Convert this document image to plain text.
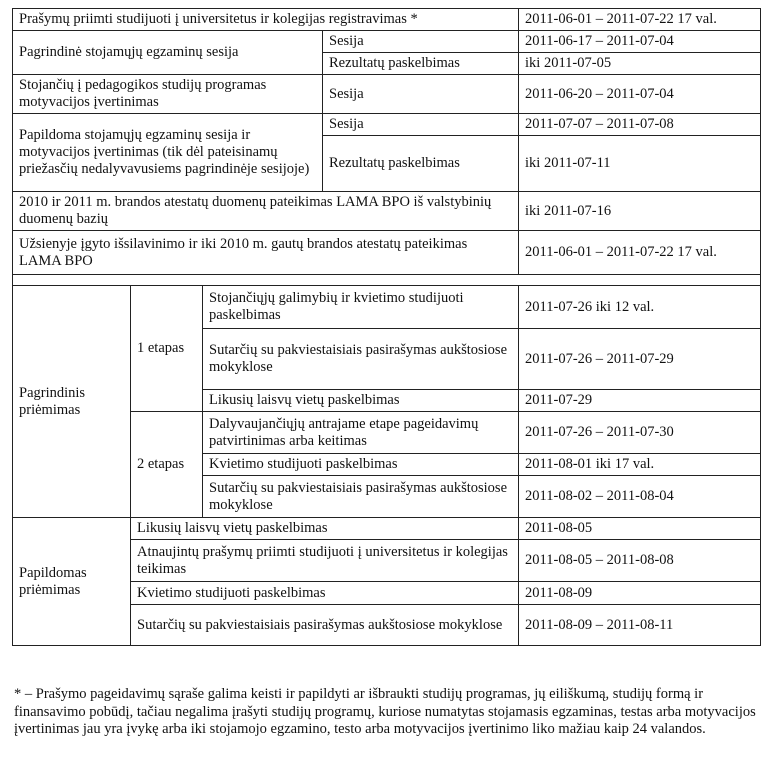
Prašymų priimti studijuoti į universitetus ir kolegijas registravimas *				2011-06-01 – 2011-07-22 17 val.
Pagrindinė stojamųjų egzaminų sesija			Sesija	2011-06-17 – 2011-07-04
			Rezultatų paskelbimas	iki 2011-07-05
Stojančių į pedagogikos studijų programas motyvacijos įvertinimas			Sesija	2011-06-20 – 2011-07-04
Papildoma stojamųjų egzaminų sesija ir motyvacijos įvertinimas (tik dėl pateisinamų priežasčių nedalyvavusiems pagrindinėje sesijoje)			Sesija	2011-07-07 – 2011-07-08
			Rezultatų paskelbimas	iki 2011-07-11
2010 ir 2011 m. brandos atestatų duomenų pateikimas LAMA BPO iš valstybinių duomenų bazių				iki 2011-07-16
Užsienyje įgyto išsilavinimo ir iki 2010 m. gautų brandos atestatų pateikimas LAMA BPO				2011-06-01 – 2011-07-22 17 val.

Pagrindinis priėmimas	1 etapas	Stojančiųjų galimybių ir kvietimo studijuoti paskelbimas		2011-07-26 iki 12 val.
		Sutarčių su pakviestaisiais pasirašymas aukštosiose mokyklose		2011-07-26 – 2011-07-29
		Likusių laisvų vietų paskelbimas		2011-07-29
	2 etapas	Dalyvaujančiųjų antrajame etape pageidavimų patvirtinimas arba keitimas		2011-07-26 – 2011-07-30
		Kvietimo studijuoti paskelbimas		2011-08-01 iki 17 val.
		Sutarčių su pakviestaisiais pasirašymas aukštosiose mokyklose		2011-08-02 – 2011-08-04
Papildomas priėmimas	Likusių laisvų vietų paskelbimas			2011-08-05
	Atnaujintų prašymų priimti studijuoti į universitetus ir kolegijas teikimas			2011-08-05 – 2011-08-08
	Kvietimo studijuoti paskelbimas			2011-08-09
	Sutarčių su pakviestaisiais pasirašymas aukštosiose mokyklose			2011-08-09 – 2011-08-11
* – Prašymo pageidavimų sąraše galima keisti ir papildyti ar išbraukti studijų programas, jų eiliškumą, studijų formą ir finansavimo pobūdį, tačiau negalima įrašyti studijų programų, kuriose numatytas stojamasis egzaminas, testas arba motyvacijos įvertinimas jau yra įvykę arba iki stojamojo egzamino, testo arba motyvacijos įvertinimo liko mažiau kaip 24 valandos.
